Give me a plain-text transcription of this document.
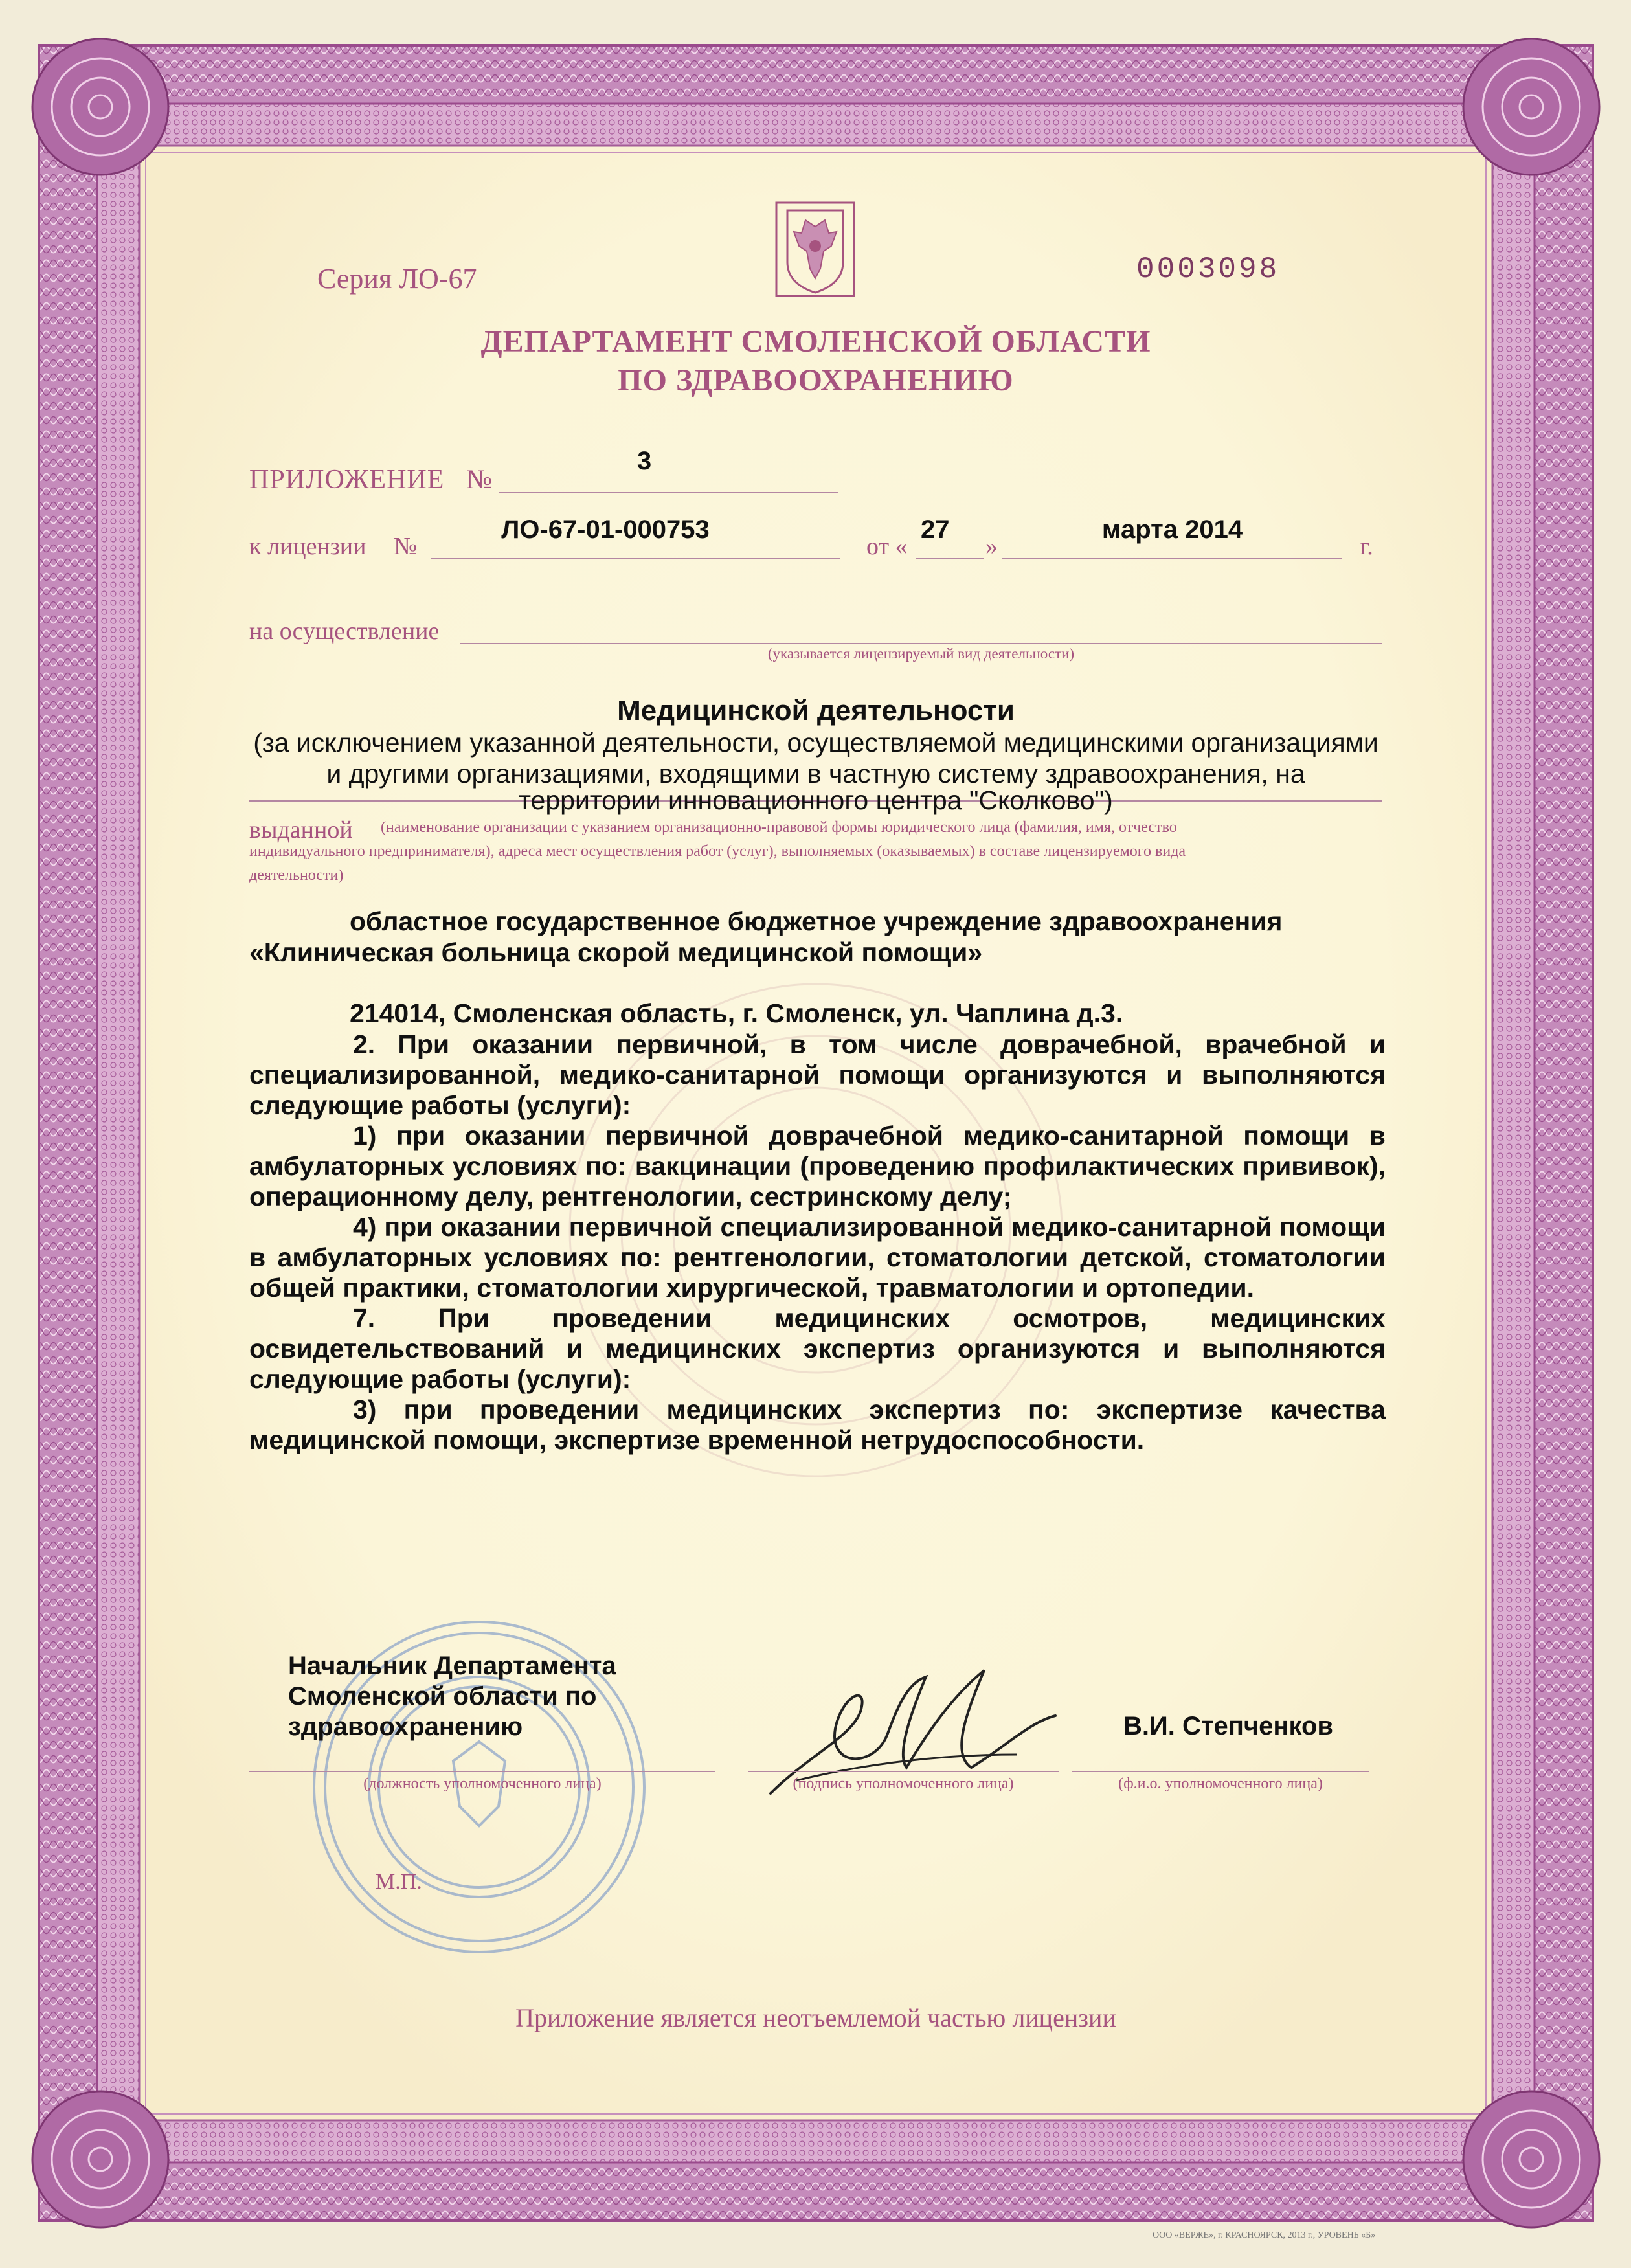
Серия ЛО-67	0003098
ДЕПАРТАМЕНТ СМОЛЕНСКОЙ ОБЛАСТИ
ПО ЗДРАВООХРАНЕНИЮ
ПРИЛОЖЕНИЕ №
3
к лицензии №
ЛО-67-01-000753
от «
27
»
марта 2014
г.
на осуществление
(указывается лицензируемый вид деятельности)
Медицинской деятельности
(за исключением указанной деятельности, осуществляемой медицинскими организациями
и другими организациями, входящими в частную систему здравоохранения, на
территории инновационного центра "Сколково")
выданной (наименование организации с указанием организационно-правовой формы юридического лица (фамилия, имя, отчество
индивидуального предпринимателя), адреса мест осуществления работ (услуг), выполняемых (оказываемых) в составе лицензируемого вида
деятельности)
областное государственное бюджетное учреждение здравоохранения
«Клиническая больница скорой медицинской помощи»
214014, Смоленская область, г. Смоленск, ул. Чаплина д.3.
2. При оказании первичной, в том числе доврачебной, врачебной и специализированной, медико-санитарной помощи организуются и выполняются следующие работы (услуги):
1) при оказании первичной доврачебной медико-санитарной помощи в амбулаторных условиях по: вакцинации (проведению профилактических прививок), операционному делу, рентгенологии, сестринскому делу;
4) при оказании первичной специализированной медико-санитарной помощи в амбулаторных условиях по: рентгенологии, стоматологии детской, стоматологии общей практики, стоматологии хирургической, травматологии и ортопедии.
7. При проведении медицинских осмотров, медицинских освидетельствований и медицинских экспертиз организуются и выполняются следующие работы (услуги):
3) при проведении медицинских экспертиз по: экспертизе качества медицинской помощи, экспертизе временной нетрудоспособности.
Начальник Департамента
Смоленской области по
здравоохранению	В.И. Степченков
(должность уполномоченного лица)	(подпись уполномоченного лица)	(ф.и.о. уполномоченного лица)
М.П.
Приложение является неотъемлемой частью лицензии
ООО «ВЕРЖЕ», г. КРАСНОЯРСК, 2013 г., УРОВЕНЬ «Б»
